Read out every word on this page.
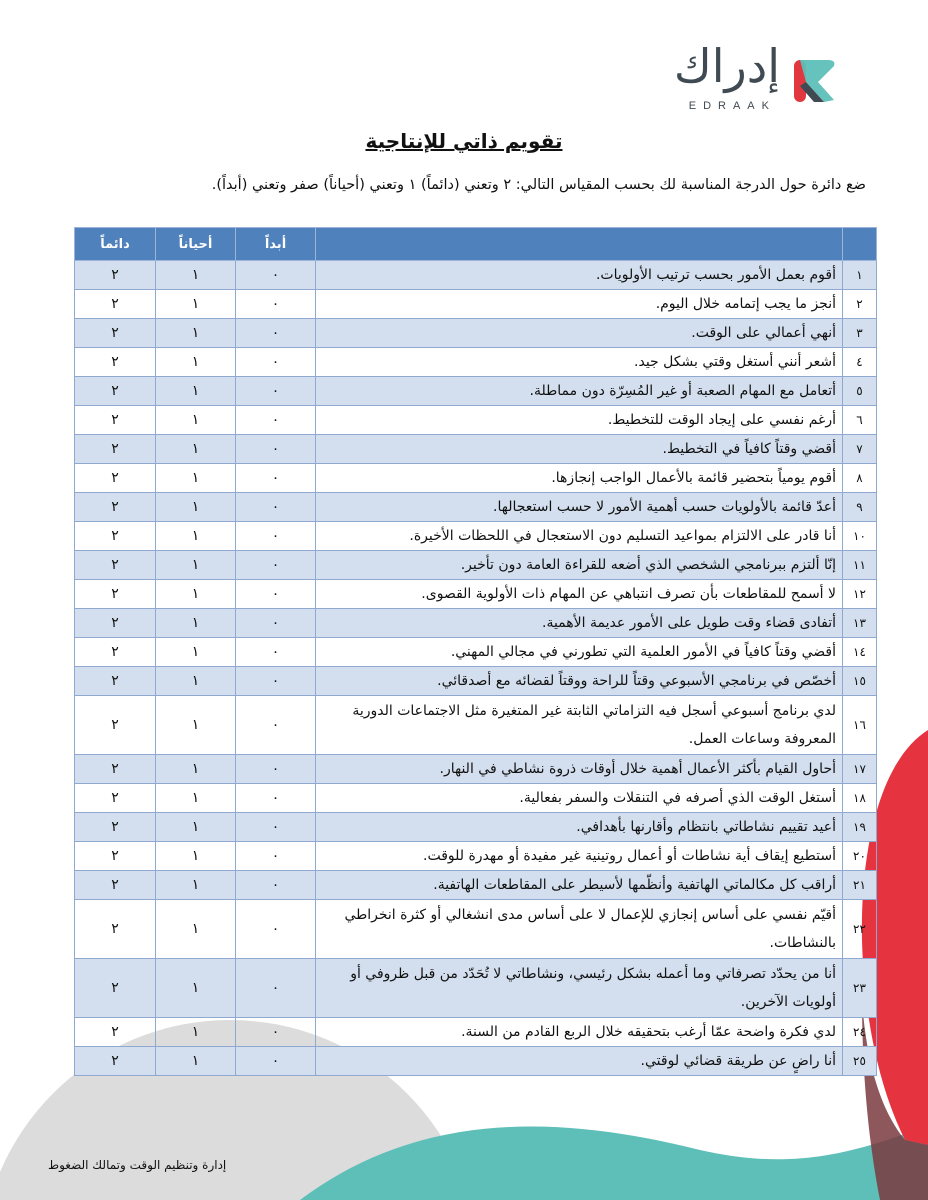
إدراك
EDRAAK
تقويم ذاتي للإنتاجية
ضع دائرة حول الدرجة المناسبة لك بحسب المقياس التالي: ٢ وتعني (دائماً) ١ وتعني (أحياناً) صفر وتعني (أبداً).
		أبداً	أحياناً	دائماً
١	أقوم بعمل الأمور بحسب ترتيب الأولويات.	٠	١	٢
٢	أنجز ما يجب إتمامه خلال اليوم.	٠	١	٢
٣	أنهي أعمالي على الوقت.	٠	١	٢
٤	أشعر أنني أستغل وقتي بشكل جيد.	٠	١	٢
٥	أتعامل مع المهام الصعبة أو غير المُسِرّة دون مماطلة.	٠	١	٢
٦	أرغم نفسي على إيجاد الوقت للتخطيط.	٠	١	٢
٧	أقضي وقتاً كافياً في التخطيط.	٠	١	٢
٨	أقوم يومياً بتحضير قائمة بالأعمال الواجب إنجازها.	٠	١	٢
٩	أعدّ قائمة بالأولويات حسب أهمية الأمور لا حسب استعجالها.	٠	١	٢
١٠	أنا قادر على الالتزام بمواعيد التسليم دون الاستعجال في اللحظات الأخيرة.	٠	١	٢
١١	إنّا ألتزم ببرنامجي الشخصي الذي أضعه للقراءة العامة دون تأخير.	٠	١	٢
١٢	لا أسمح للمقاطعات بأن تصرف انتباهي عن المهام ذات الأولوية القصوى.	٠	١	٢
١٣	أتفادى قضاء وقت طويل على الأمور عديمة الأهمية.	٠	١	٢
١٤	أقضي وقتاً كافياً في الأمور العلمية التي تطورني في مجالي المهني.	٠	١	٢
١٥	أخصّص في برنامجي الأسبوعي وقتاً للراحة ووقتاً لقضائه مع أصدقائي.	٠	١	٢
١٦	لدي برنامج أسبوعي أسجل فيه التزاماتي الثابتة غير المتغيرة مثل الاجتماعات الدورية المعروفة وساعات العمل.	٠	١	٢
١٧	أحاول القيام بأكثر الأعمال أهمية خلال أوقات ذروة نشاطي في النهار.	٠	١	٢
١٨	أستغل الوقت الذي أصرفه في التنقلات والسفر بفعالية.	٠	١	٢
١٩	أعيد تقييم نشاطاتي بانتظام وأقارنها بأهدافي.	٠	١	٢
٢٠	أستطيع إيقاف أية نشاطات أو أعمال روتينية غير مفيدة أو مهدرة للوقت.	٠	١	٢
٢١	أراقب كل مكالماتي الهاتفية وأنظّمها لأسيطر على المقاطعات الهاتفية.	٠	١	٢
٢٢	أقيّم نفسي على أساس إنجازي للإعمال لا على أساس مدى انشغالي أو كثرة انخراطي بالنشاطات.	٠	١	٢
٢٣	أنا من يحدّد تصرفاتي وما أعمله بشكل رئيسي، ونشاطاتي لا تُحَدّد من قبل ظروفي أو أولويات الآخرين.	٠	١	٢
٢٤	لدي فكرة واضحة عمّا أرغب بتحقيقه خلال الربع القادم من السنة.	٠	١	٢
٢٥	أنا راضٍ عن طريقة قضائي لوقتي.	٠	١	٢
إدارة وتنظيم الوقت وتمالك الضغوط
